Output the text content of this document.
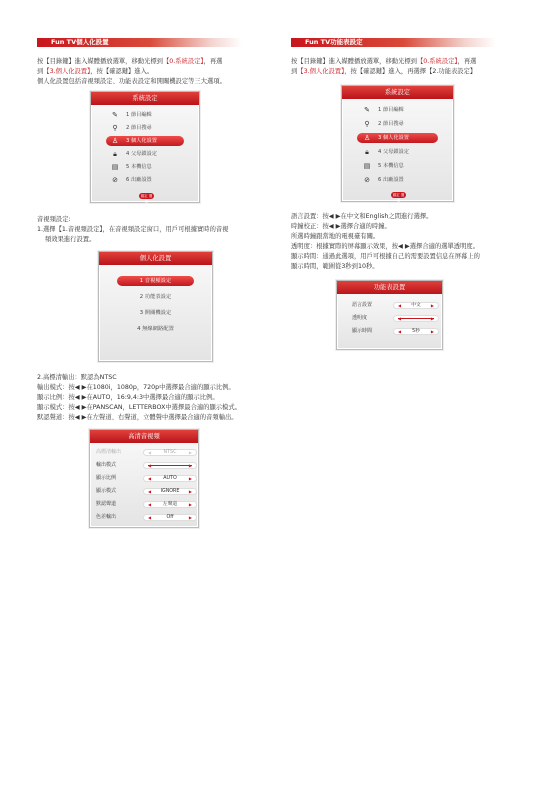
Fun TV個人化設置
按【目錄鍵】進入媒體播放選單，移動光標到【0.系統設定】，再選
到【3.個人化設置】，按【確認鍵】進入。
個人化設置包括音視頻設定、功能表設定和開關機設定等三大選項。
系統設定
✎	1 節目編輯
⚲	2 節目搜尋
♙	3 個人化設置
🔒︎	4 父母鎖設定
▤	5 本機信息
⊘	6 出廠設置
確定 選擇
音視頻設定:
1.選擇【1.音視頻設定】，在音視頻設定窗口，用戶可根據實時的音視
頻效果進行設置。
個人化設置
1 音視頻設定
2 功能表設定
3 開關機設定
4 無線網路配置
2.高標清輸出：默認為NTSC
輸出模式：按◀ ▶在1080i，1080p，720p中選擇最合適的顯示比例。
顯示比例：按◀ ▶在AUTO，16:9,4:3中選擇最合適的顯示比例。
顯示模式：按◀ ▶在PANSCAN，LETTERBOX中選擇最合適的顯示模式。
默認聲道：按◀ ▶在左聲道、右聲道，立體聲中選擇最合適的音頻輸出。
高清音視頻
高標清輸出	◀	NTSC	▶
輸出模式	◀	▶
顯示比例	◀	AUTO	▶
顯示模式	◀ IGNORE ▶
默認聲道	◀ 左聲道	▶
色差輸出	◀	Off	▶
Fun TV功能表設定
按【目錄鍵】進入媒體播放選單，移動光標到【0.系統設定】，再選
到【3.個人化設置】，按【確認鍵】進入，再選擇【2.功能表設定】
系統設定
✎	1 節目編輯
⚲	2 節目搜尋
♙	3 個人化設置
🔒︎	4 父母鎖設定
▤	5 本機信息
⊘	6 出廠設置
確定 選擇
語言設置：按◀ ▶在中文和English之間進行選擇。
時鐘校正：按◀ ▶選擇合適的時鐘。
所選時鐘跟當地的電視臺有關。
透明度：根據實際的屏幕顯示效果，按◀ ▶選擇合適的選單透明度。
顯示時間：通過此選項，用戶可根據自己的需要設置信息在屏幕上的
顯示時間，範圍從3秒到10秒。
功能表設置
語言設置	◀ 中文	▶
透明度	◀	▶
顯示時間	◀ 5秒	▶
